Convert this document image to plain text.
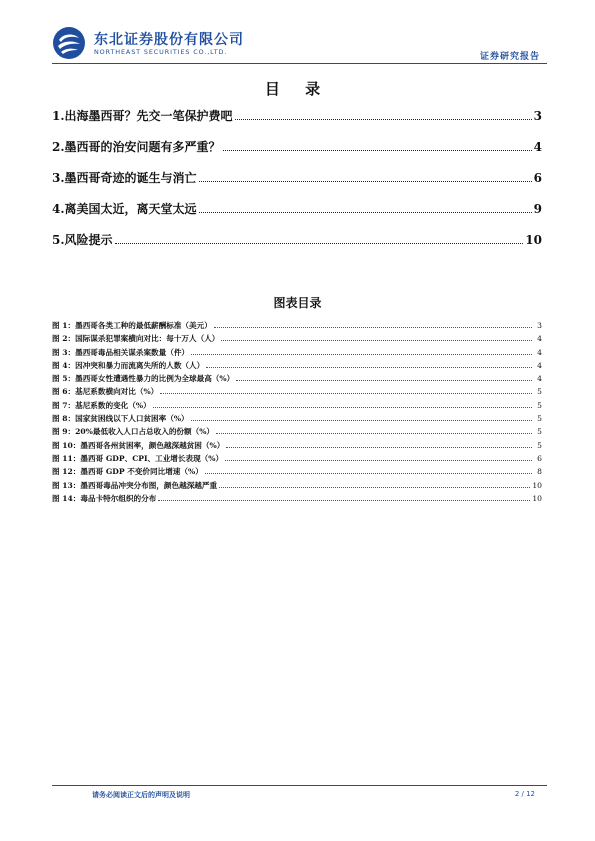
东北证券股份有限公司
NORTHEAST SECURITIES CO.,LTD.	证券研究报告
目 录
1.出海墨西哥？先交一笔保护费吧	3
2.墨西哥的治安问题有多严重？	4
3.墨西哥奇迹的诞生与消亡	6
4.离美国太近，离天堂太远	9
5.风险提示	10
图表目录
图 1：墨西哥各类工种的最低薪酬标准（美元）	3
图 2：国际谋杀犯罪案横向对比：每十万人（人）	4
图 3：墨西哥毒品相关谋杀案数量（件）	4
图 4：因冲突和暴力而流离失所的人数（人）	4
图 5：墨西哥女性遭遇性暴力的比例为全球最高（%）	4
图 6：基尼系数横向对比（%）	5
图 7：基尼系数的变化（%）	5
图 8：国家贫困线以下人口贫困率（%）	5
图 9：20%最低收入人口占总收入的份额（%）	5
图 10：墨西哥各州贫困率，颜色越深越贫困（%）	5
图 11：墨西哥 GDP、CPI、工业增长表现（%）	6
图 12：墨西哥 GDP 不变价同比增速（%）	8
图 13：墨西哥毒品冲突分布图，颜色越深越严重	10
图 14：毒品卡特尔组织的分布	10
请务必阅读正文后的声明及说明	2 / 12
